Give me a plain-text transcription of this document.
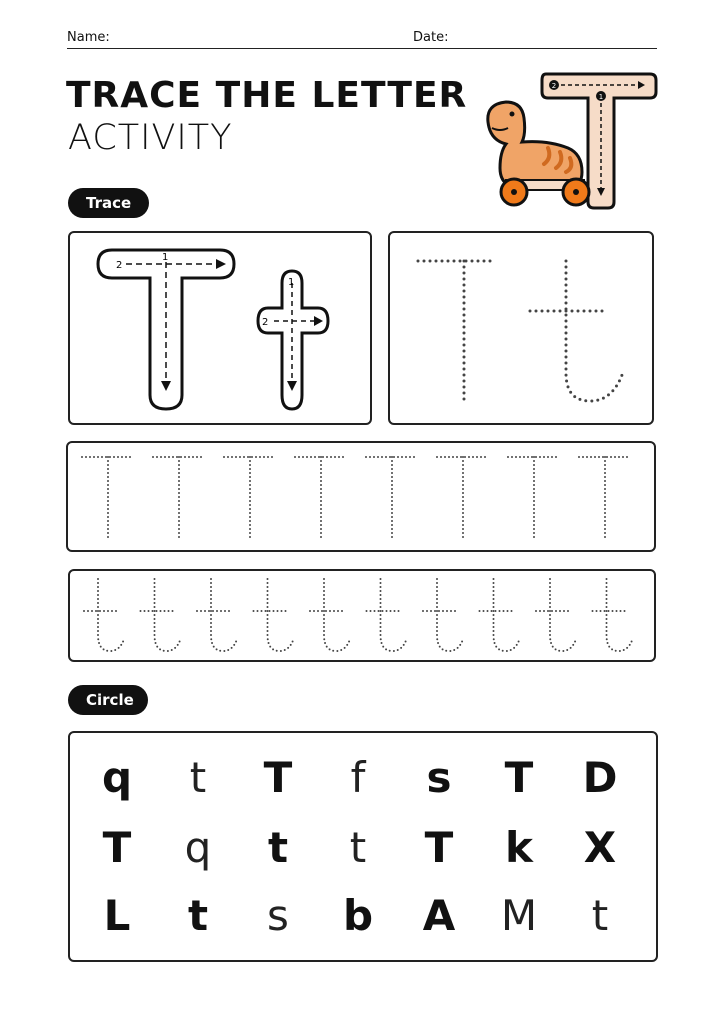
Name:	Date:
TRACE THE LETTER
ACTIVITY
2
1
Trace
2
1
1
2
Circle
q	t	T	f	s	T	D
T	q	t	t	T	k	X
L	t	s	b	A	M	t
